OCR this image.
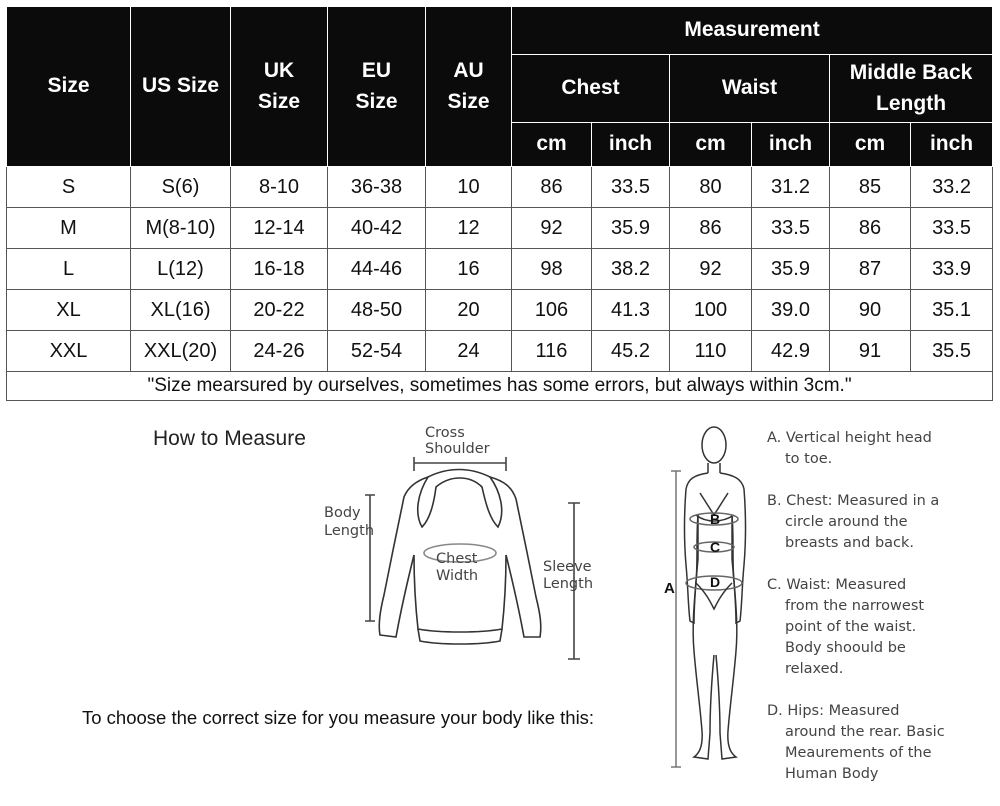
Size	US Size	UK Size	EU Size	AU Size	Measurement					
					Chest		Waist		Middle Back Length	
					cm	inch	cm	inch	cm	inch
S	S(6)	8-10	36-38	10	86	33.5	80	31.2	85	33.2
M	M(8-10)	12-14	40-42	12	92	35.9	86	33.5	86	33.5
L	L(12)	16-18	44-46	16	98	38.2	92	35.9	87	33.9
XL	XL(16)	20-22	48-50	20	106	41.3	100	39.0	90	35.1
XXL	XXL(20)	24-26	52-54	24	116	45.2	110	42.9	91	35.5
"Size mearsured by ourselves, sometimes has some errors, but always within 3cm."										
How to Measure	Cross
Shoulder
Body
Length
Chest
Width
Sleeve
Length
To choose the correct size for you measure your body like this:
A
B
C
D
A. Vertical height head
to toe.
B. Chest: Measured in a
circle around the breasts and back.
C. Waist: Measured
from the narrowest point of the waist. Body shoould be relaxed.
D. Hips: Measured
around the rear. Basic Meaurements of the Human Body
